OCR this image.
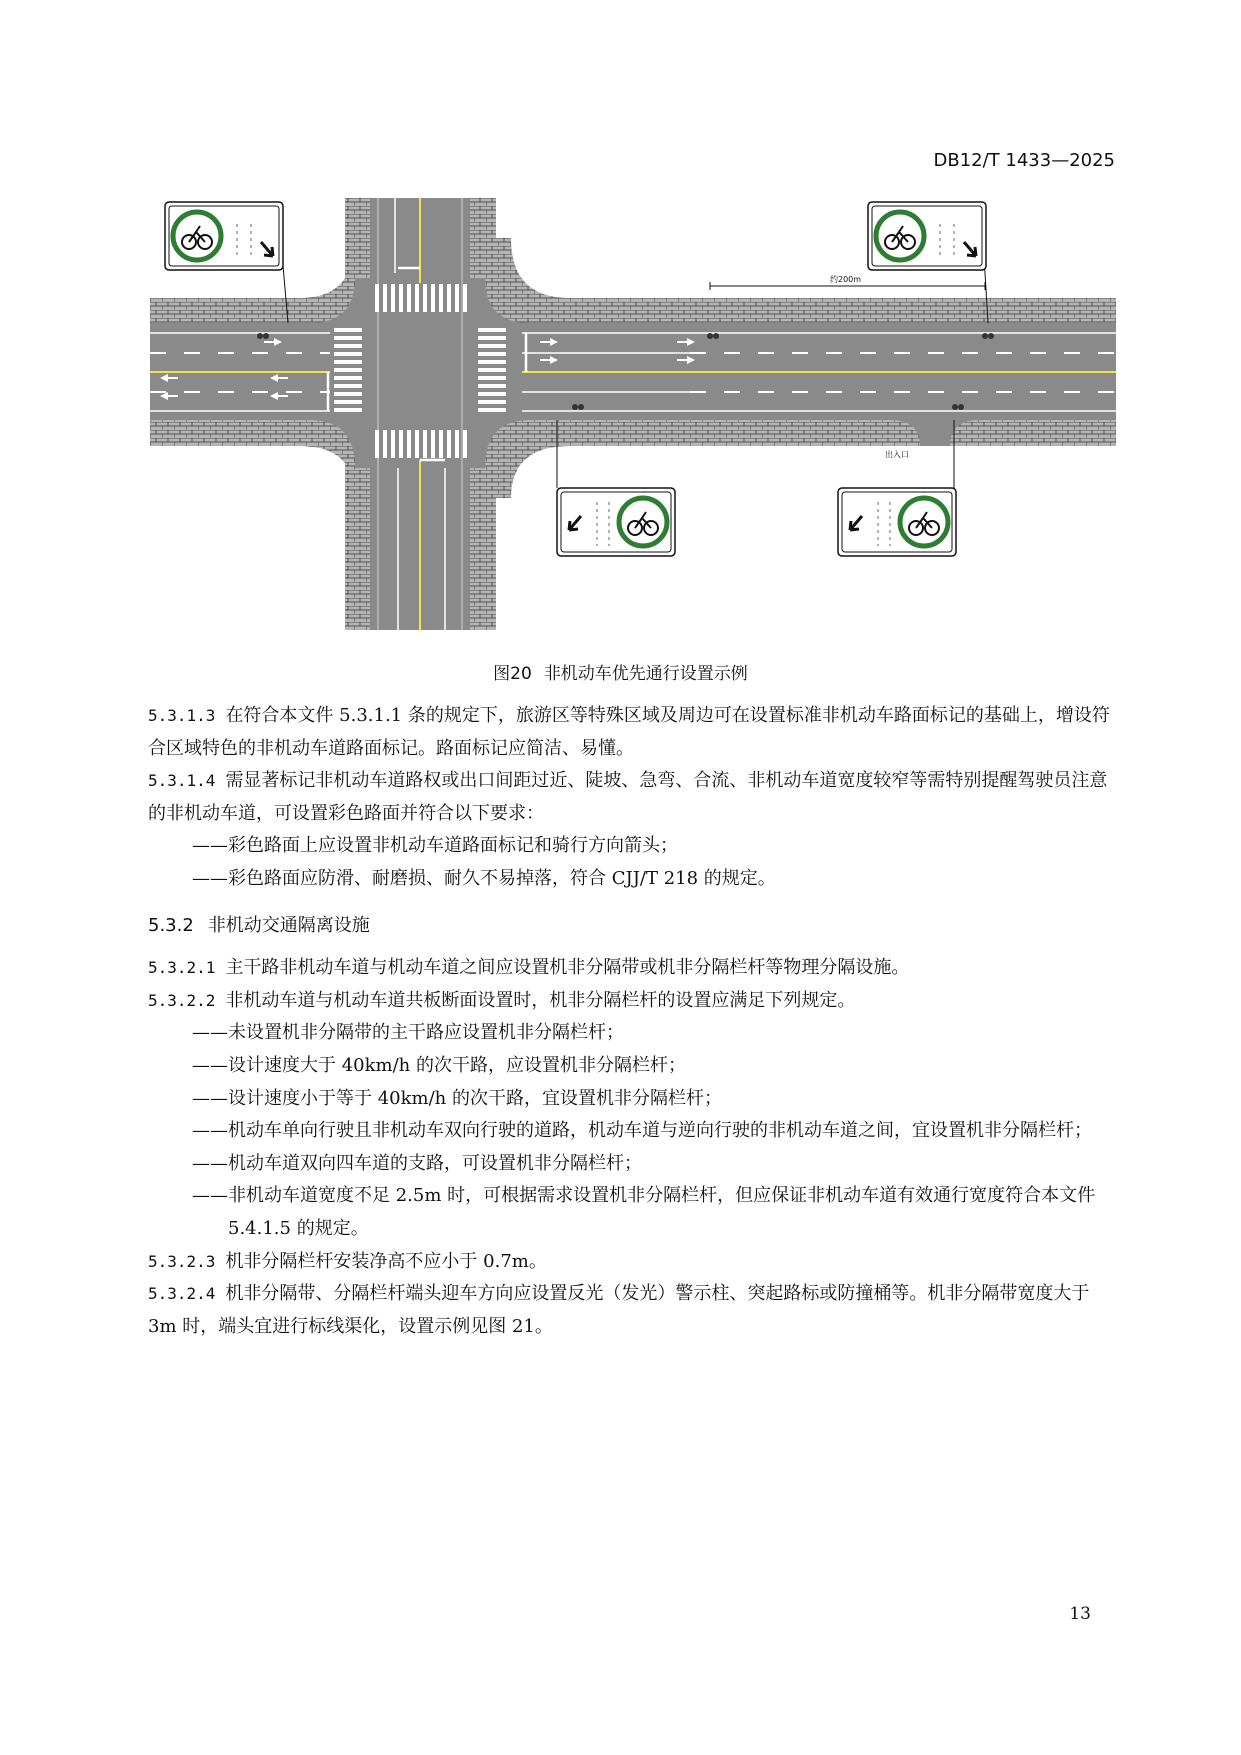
DB12/T 1433—2025
约200m
出入口
图20 非机动车优先通行设置示例

5.3.1.3 在符合本文件 5.3.1.1 条的规定下，旅游区等特殊区域及周边可在设置标准非机动车路面标记的基础上，增设符合区域特色的非机动车道路面标记。路面标记应简洁、易懂。

5.3.1.4 需显著标记非机动车道路权或出口间距过近、陡坡、急弯、合流、非机动车道宽度较窄等需特别提醒驾驶员注意的非机动车道，可设置彩色路面并符合以下要求：

——彩色路面上应设置非机动车道路面标记和骑行方向箭头；

——彩色路面应防滑、耐磨损、耐久不易掉落，符合 CJJ/T 218 的规定。

5.3.2 非机动交通隔离设施

5.3.2.1 主干路非机动车道与机动车道之间应设置机非分隔带或机非分隔栏杆等物理分隔设施。

5.3.2.2 非机动车道与机动车道共板断面设置时，机非分隔栏杆的设置应满足下列规定。

——未设置机非分隔带的主干路应设置机非分隔栏杆；

——设计速度大于 40km/h 的次干路，应设置机非分隔栏杆；

——设计速度小于等于 40km/h 的次干路，宜设置机非分隔栏杆；

——机动车单向行驶且非机动车双向行驶的道路，机动车道与逆向行驶的非机动车道之间，宜设置机非分隔栏杆；

——机动车道双向四车道的支路，可设置机非分隔栏杆；

——非机动车道宽度不足 2.5m 时，可根据需求设置机非分隔栏杆，但应保证非机动车道有效通行宽度符合本文件 5.4.1.5 的规定。

5.3.2.3 机非分隔栏杆安装净高不应小于 0.7m。

5.3.2.4 机非分隔带、分隔栏杆端头迎车方向应设置反光（发光）警示柱、突起路标或防撞桶等。机非分隔带宽度大于 3m 时，端头宜进行标线渠化，设置示例见图 21。

13
